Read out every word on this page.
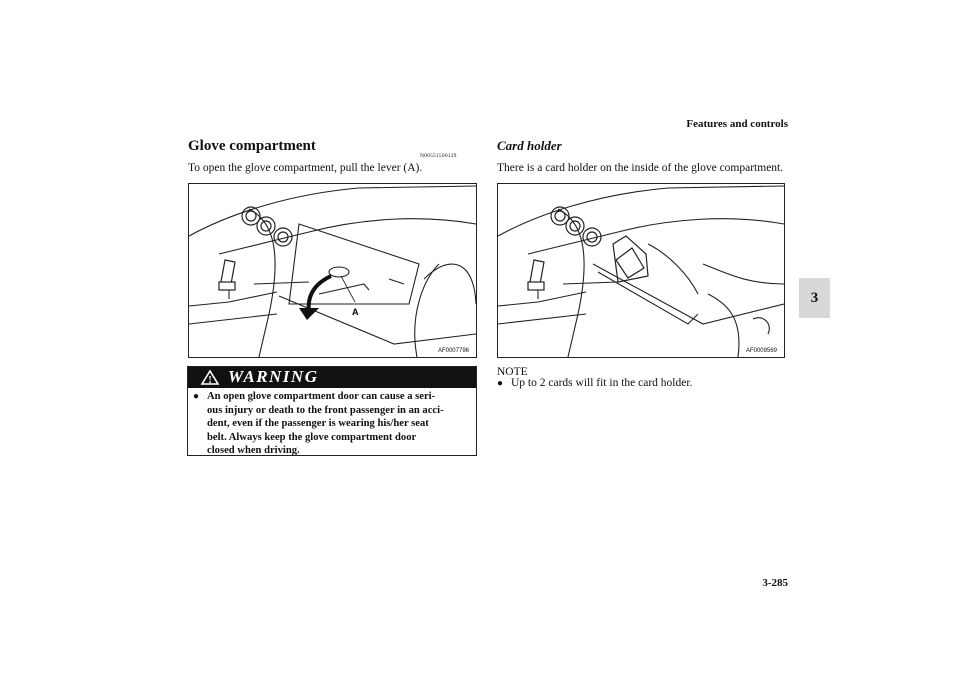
Features and controls
3
Glove compartment
N00551500129
To open the glove compartment, pull the lever (A).
A
AF0007796
! WARNING
● An open glove compartment door can cause a seri-
ous injury or death to the front passenger in an acci-
dent, even if the passenger is wearing his/her seat
belt. Always keep the glove compartment door
closed when driving.
Card holder
There is a card holder on the inside of the glove compartment.
AF0009569
NOTE
● Up to 2 cards will fit in the card holder.
3-285
